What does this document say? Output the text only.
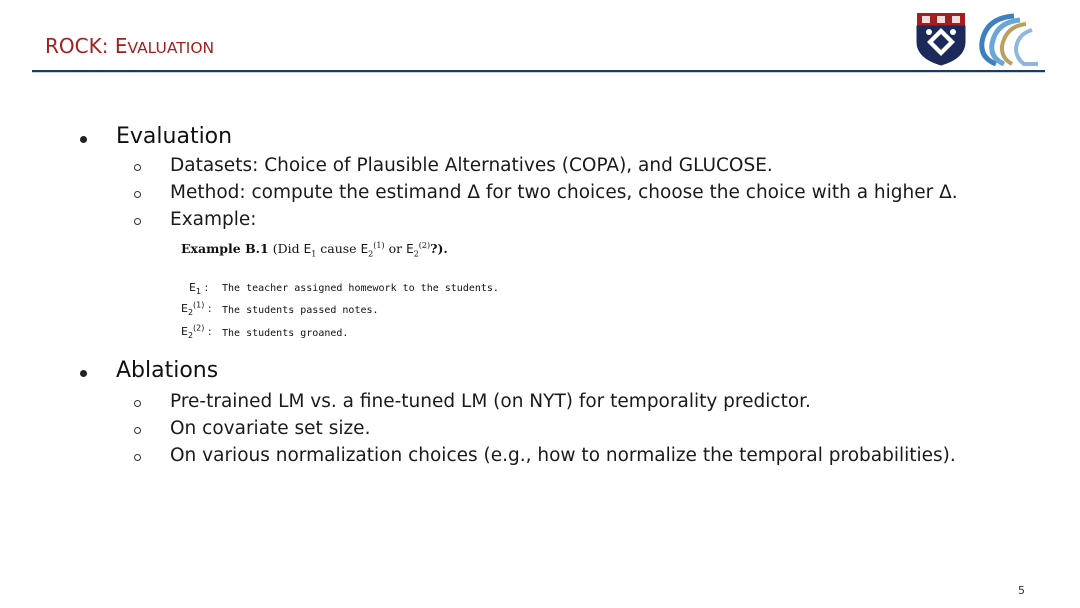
ROCK: EVALUATION
Evaluation
Datasets: Choice of Plausible Alternatives (COPA), and GLUCOSE.
Method: compute the estimand Δ for two choices, choose the choice with a higher Δ.
Example:
Example B.1 (Did $E_1$ cause $E_2^{(1)}$ or $E_2^{(2)}$?).
$E_1$ : The teacher assigned homework to the students.
$E_2^{(1)}$ : The students passed notes.
$E_2^{(2)}$ : The students groaned.
Ablations
Pre-trained LM vs. a fine-tuned LM (on NYT) for temporality predictor.
On covariate set size.
On various normalization choices (e.g., how to normalize the temporal probabilities).
5
